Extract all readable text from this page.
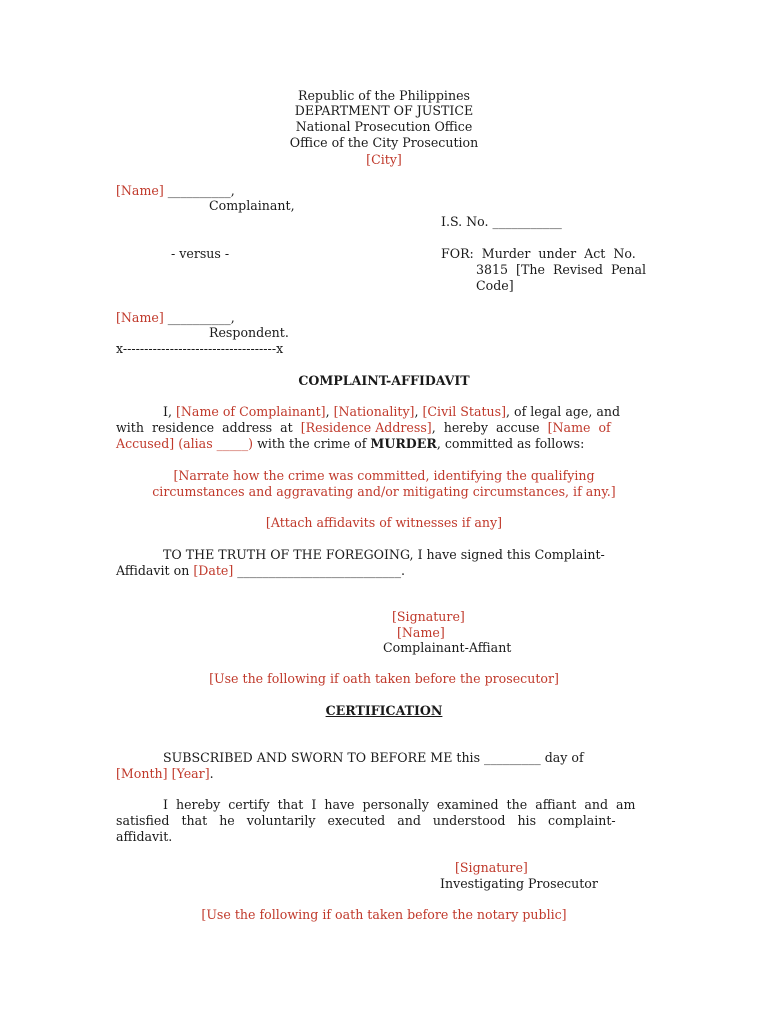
Republic of the Philippines
DEPARTMENT OF JUSTICE
National Prosecution Office
Office of the City Prosecution
[City]
[Name] __________,
Complainant,
I.S. No. ___________
- versus -	FOR:  Murder  under  Act  No.
3815  [The  Revised  Penal
Code]
[Name] __________,
Respondent.
x------------------------------------x
COMPLAINT-AFFIDAVIT
I, [Name of Complainant], [Nationality], [Civil Status], of legal age, and
with  residence  address  at [Residence Address],  hereby  accuse [Name  of
Accused] (alias _____) with the crime of MURDER, committed as follows:
[Narrate how the crime was committed, identifying the qualifying
circumstances and aggravating and/or mitigating circumstances, if any.]
[Attach affidavits of witnesses if any]
TO THE TRUTH OF THE FOREGOING, I have signed this Complaint-
Affidavit on [Date] __________________________.
[Signature]
[Name]
Complainant-Affiant
[Use the following if oath taken before the prosecutor]
CERTIFICATION
SUBSCRIBED AND SWORN TO BEFORE ME this _________ day of
[Month] [Year].
I  hereby  certify  that  I  have  personally  examined  the  affiant  and  am
satisfied   that   he   voluntarily   executed   and   understood   his   complaint-
affidavit.
[Signature]
Investigating Prosecutor
[Use the following if oath taken before the notary public]
